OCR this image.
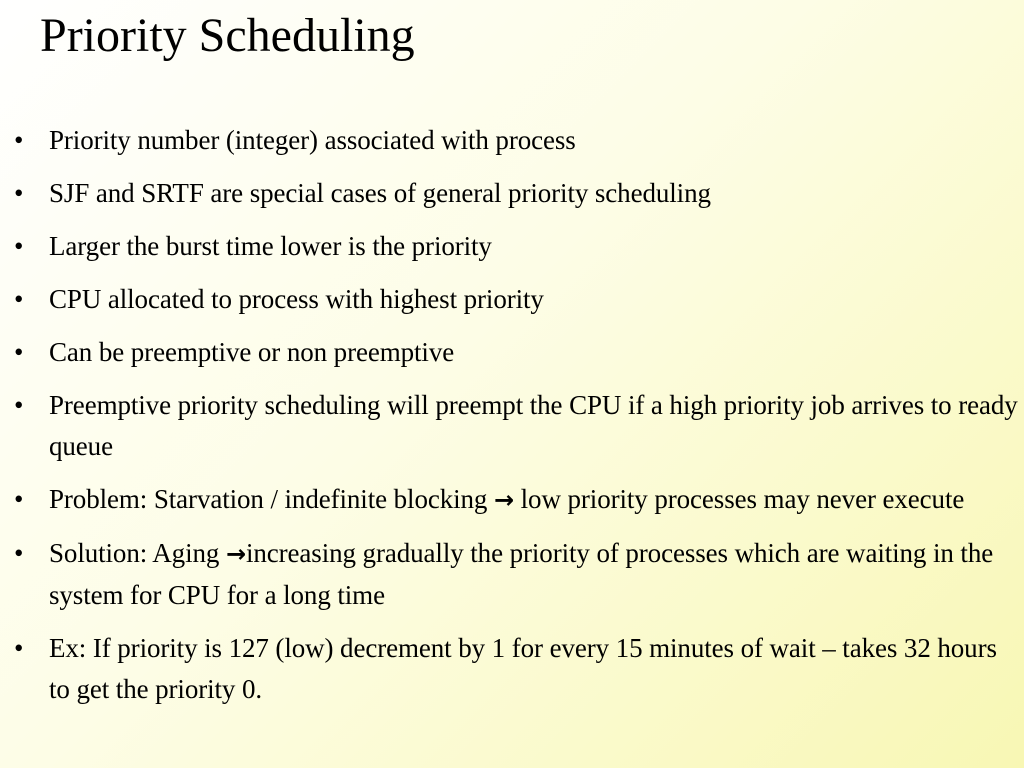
Priority Scheduling
• Priority number (integer) associated with process
• SJF and SRTF are special cases of general priority scheduling
• Larger the burst time lower is the priority
• CPU allocated to process with highest priority
• Can be preemptive or non preemptive
• Preemptive priority scheduling will preempt the CPU if a high priority job arrives to ready queue
• Problem: Starvation / indefinite blocking → low priority processes may never execute
• Solution: Aging →increasing gradually the priority of processes which are waiting in the system for CPU for a long time
• Ex: If priority is 127 (low) decrement by 1 for every 15 minutes of wait – takes 32 hours to get the priority 0.
